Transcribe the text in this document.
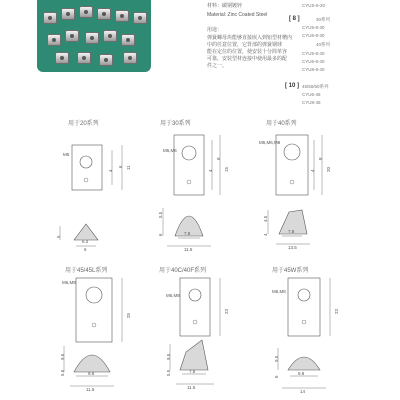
材料：碳钢镀锌
Material: Zinc Coated Steel
用途：
弹簧螺母块能够直接嵌入到铝型材槽内
中的任意位置，它背部的弹簧钢球
能在定位的位置，使安装十分简单容
可靠，安装型材连接中使用最多的配
件之一。
CYUS-6-20
[ 8 ]	30系列
CYU5-8-30
CYU6-8-30
40系列
CYU5-8-40
CYU6-8-40
CYU8-8-40
[ 10 ] 45/50/60系列
CYU6-45
CYU8-45
用于20系列	用于30系列	用于40系列
用于45/45L系列	用于40C/40F系列	用于45W系列
M5
4
6 11
6.2
6
5
M5,M6
4
8
15
7.8
11.5
5.5
6
M5,M6,M8
4
8
20
7.8
13.5
4.5
4
M6,M8
25
9.8
11.5
9.5
5.5
M6,M8
23
7.8
11.5
9.5
5.5
M6,M8
23
9.8
14
9.5
6
